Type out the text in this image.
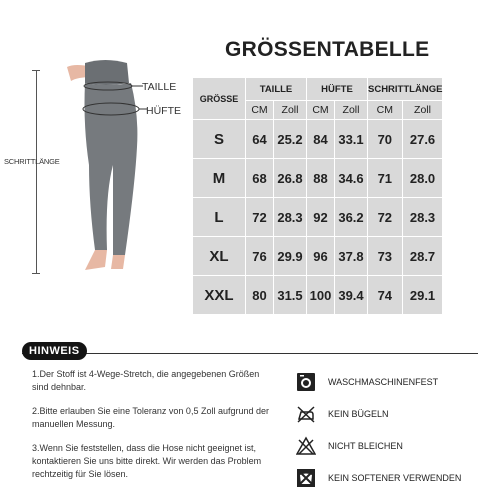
GRÖSSENTABELLE
SCHRITTLÄNGE
TAILLE
HÜFTE
GRÖSSE	TAILLE		HÜFTE		SCHRITTLÄNGE	
	CM	Zoll	CM	Zoll	CM	Zoll
S	64	25.2	84	33.1	70	27.6
M	68	26.8	88	34.6	71	28.0
L	72	28.3	92	36.2	72	28.3
XL	76	29.9	96	37.8	73	28.7
XXL	80	31.5	100	39.4	74	29.1
HINWEIS

1.Der Stoff ist 4-Wege-Stretch, die angegebenen Größen sind dehnbar.

2.Bitte erlauben Sie eine Toleranz von 0,5 Zoll aufgrund der manuellen Messung.

3.Wenn Sie feststellen, dass die Hose nicht geeignet ist, kontaktieren Sie uns bitte direkt. Wir werden das Problem rechtzeitig für Sie lösen.

WASCHMASCHINENFEST
KEIN BÜGELN
NICHT BLEICHEN
KEIN SOFTENER VERWENDEN
